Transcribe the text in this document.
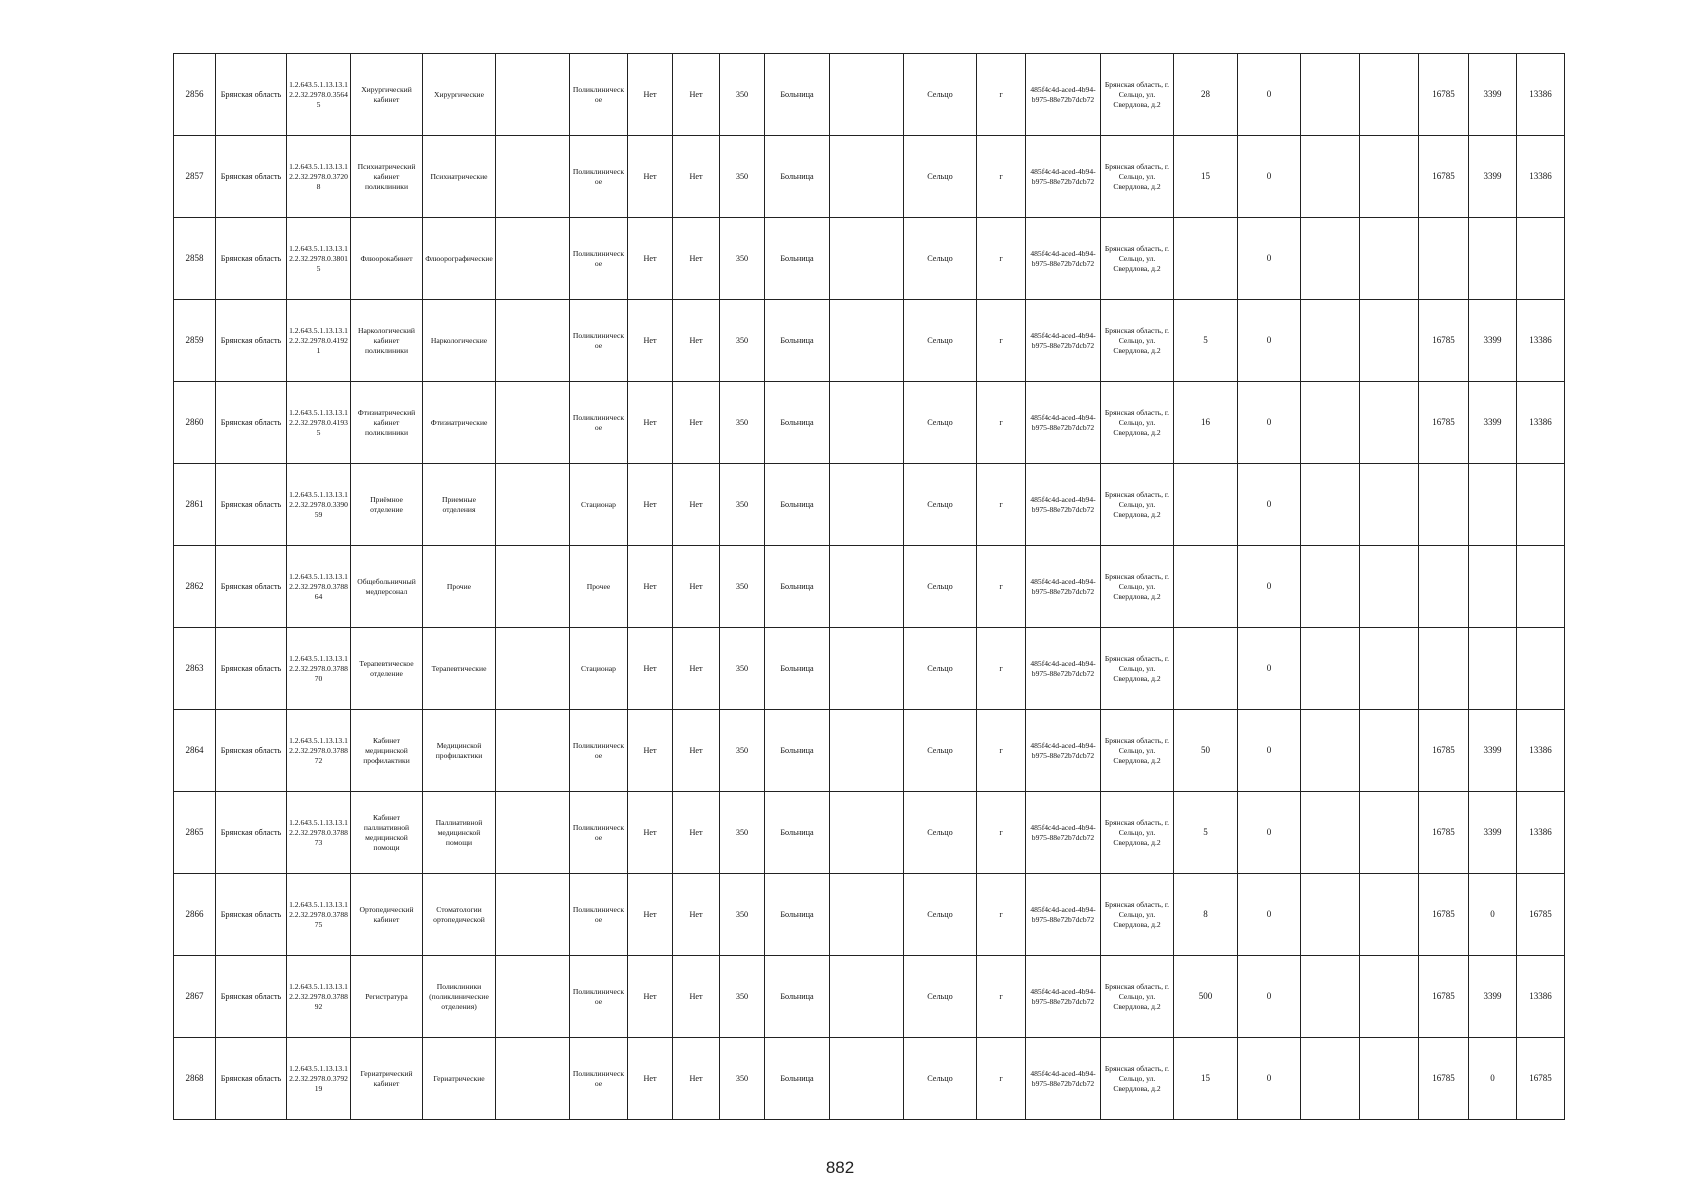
2856	Брянская область	1.2.643.5.1.13.13.12.2.32.2978.0.35645	Хирургический кабинет	Хирургические		Поликлиническое	Нет	Нет	350	Больница		Сельцо	г	485f4c4d-aced-4b94-b975-88e72b7dcb72	Брянская область, г. Сельцо, ул. Свердлова, д.2	28	0			16785	3399	13386
2857	Брянская область	1.2.643.5.1.13.13.12.2.32.2978.0.37208	Психиатрический кабинет поликлиники	Психиатрические		Поликлиническое	Нет	Нет	350	Больница		Сельцо	г	485f4c4d-aced-4b94-b975-88e72b7dcb72	Брянская область, г. Сельцо, ул. Свердлова, д.2	15	0			16785	3399	13386
2858	Брянская область	1.2.643.5.1.13.13.12.2.32.2978.0.38015	Флюорокабинет	Флюорографические		Поликлиническое	Нет	Нет	350	Больница		Сельцо	г	485f4c4d-aced-4b94-b975-88e72b7dcb72	Брянская область, г. Сельцо, ул. Свердлова, д.2		0					
2859	Брянская область	1.2.643.5.1.13.13.12.2.32.2978.0.41921	Наркологический кабинет поликлиники	Наркологические		Поликлиническое	Нет	Нет	350	Больница		Сельцо	г	485f4c4d-aced-4b94-b975-88e72b7dcb72	Брянская область, г. Сельцо, ул. Свердлова, д.2	5	0			16785	3399	13386
2860	Брянская область	1.2.643.5.1.13.13.12.2.32.2978.0.41935	Фтизиатрический кабинет поликлиники	Фтизиатрические		Поликлиническое	Нет	Нет	350	Больница		Сельцо	г	485f4c4d-aced-4b94-b975-88e72b7dcb72	Брянская область, г. Сельцо, ул. Свердлова, д.2	16	0			16785	3399	13386
2861	Брянская область	1.2.643.5.1.13.13.12.2.32.2978.0.339059	Приёмное отделение	Приемные отделения		Стационар	Нет	Нет	350	Больница		Сельцо	г	485f4c4d-aced-4b94-b975-88e72b7dcb72	Брянская область, г. Сельцо, ул. Свердлова, д.2		0					
2862	Брянская область	1.2.643.5.1.13.13.12.2.32.2978.0.378864	Общебольничный медперсонал	Прочие		Прочее	Нет	Нет	350	Больница		Сельцо	г	485f4c4d-aced-4b94-b975-88e72b7dcb72	Брянская область, г. Сельцо, ул. Свердлова, д.2		0					
2863	Брянская область	1.2.643.5.1.13.13.12.2.32.2978.0.378870	Терапевтическое отделение	Терапевтические		Стационар	Нет	Нет	350	Больница		Сельцо	г	485f4c4d-aced-4b94-b975-88e72b7dcb72	Брянская область, г. Сельцо, ул. Свердлова, д.2		0					
2864	Брянская область	1.2.643.5.1.13.13.12.2.32.2978.0.378872	Кабинет медицинской профилактики	Медицинской профилактики		Поликлиническое	Нет	Нет	350	Больница		Сельцо	г	485f4c4d-aced-4b94-b975-88e72b7dcb72	Брянская область, г. Сельцо, ул. Свердлова, д.2	50	0			16785	3399	13386
2865	Брянская область	1.2.643.5.1.13.13.12.2.32.2978.0.378873	Кабинет паллиативной медицинской помощи	Паллиативной медицинской помощи		Поликлиническое	Нет	Нет	350	Больница		Сельцо	г	485f4c4d-aced-4b94-b975-88e72b7dcb72	Брянская область, г. Сельцо, ул. Свердлова, д.2	5	0			16785	3399	13386
2866	Брянская область	1.2.643.5.1.13.13.12.2.32.2978.0.378875	Ортопедический кабинет	Стоматологии ортопедической		Поликлиническое	Нет	Нет	350	Больница		Сельцо	г	485f4c4d-aced-4b94-b975-88e72b7dcb72	Брянская область, г. Сельцо, ул. Свердлова, д.2	8	0			16785	0	16785
2867	Брянская область	1.2.643.5.1.13.13.12.2.32.2978.0.378892	Регистратура	Поликлиники (поликлинические отделения)		Поликлиническое	Нет	Нет	350	Больница		Сельцо	г	485f4c4d-aced-4b94-b975-88e72b7dcb72	Брянская область, г. Сельцо, ул. Свердлова, д.2	500	0			16785	3399	13386
2868	Брянская область	1.2.643.5.1.13.13.12.2.32.2978.0.379219	Гериатрический кабинет	Гериатрические		Поликлиническое	Нет	Нет	350	Больница		Сельцо	г	485f4c4d-aced-4b94-b975-88e72b7dcb72	Брянская область, г. Сельцо, ул. Свердлова, д.2	15	0			16785	0	16785
882
